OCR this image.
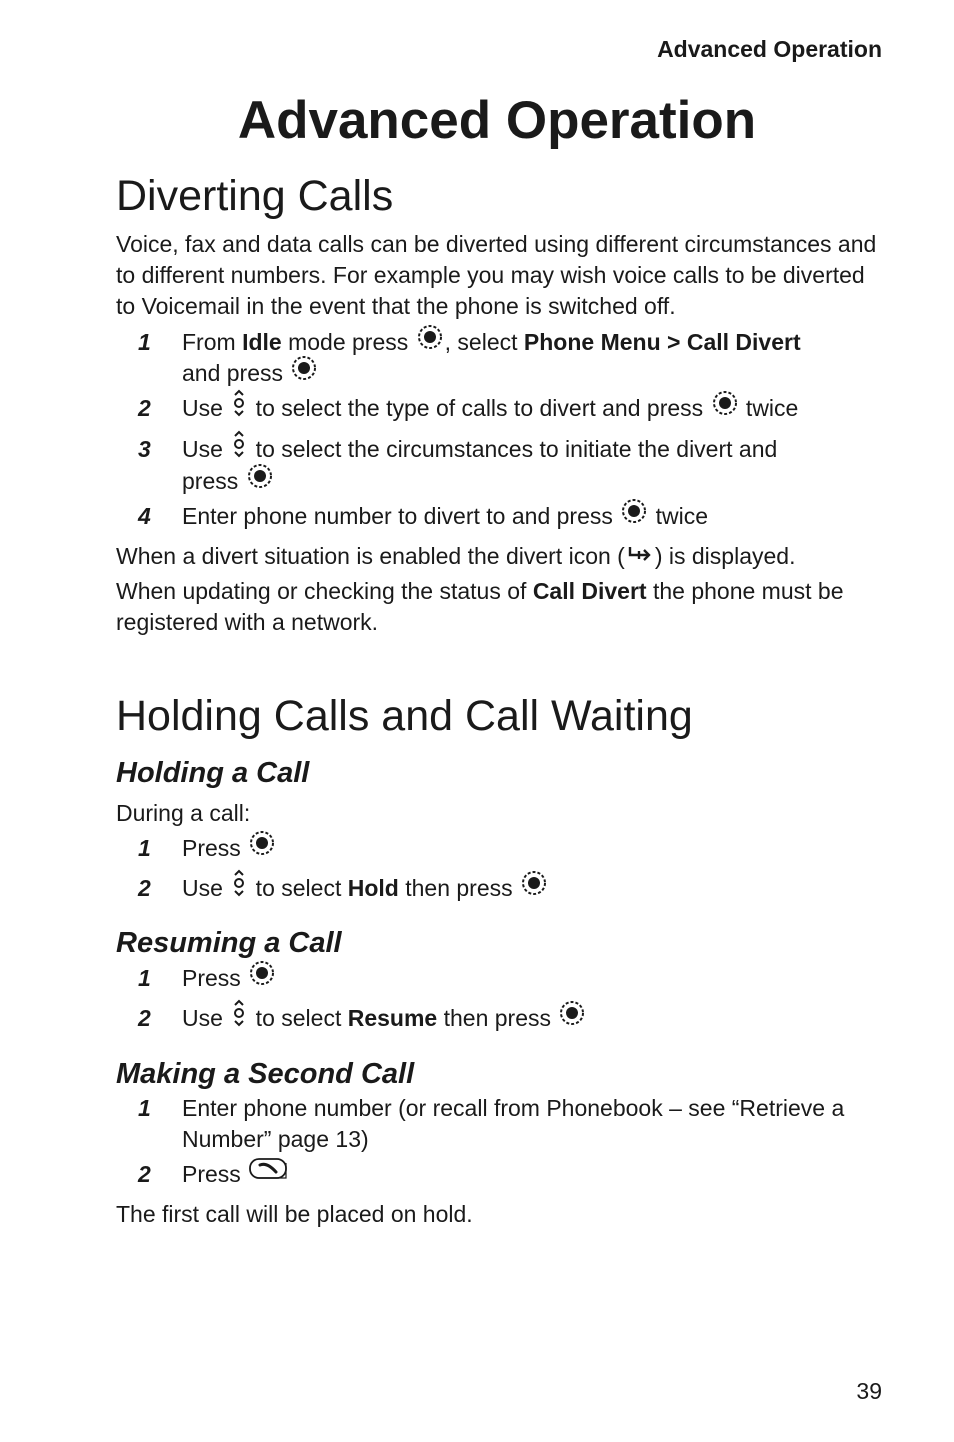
Advanced Operation
Advanced Operation
Diverting Calls

Voice, fax and data calls can be diverted using different circumstances and to different numbers. For example you may wish voice calls to be diverted to Voicemail in the event that the phone is switched off.

1 From Idle mode press , select Phone Menu > Call Divert
and press
2 Use  to select the type of calls to divert and press  twice
3 Use  to select the circumstances to initiate the divert and
press
4 Enter phone number to divert to and press  twice

When a divert situation is enabled the divert icon ( ) is displayed.

When updating or checking the status of Call Divert the phone must be registered with a network.

Holding Calls and Call Waiting
Holding a Call

During a call:

1 Press
2 Use  to select Hold then press
Resuming a Call
1 Press
2 Use  to select Resume then press
Making a Second Call
1 Enter phone number (or recall from Phonebook – see “Retrieve a Number” page 13)
2 Press

The first call will be placed on hold.

39
